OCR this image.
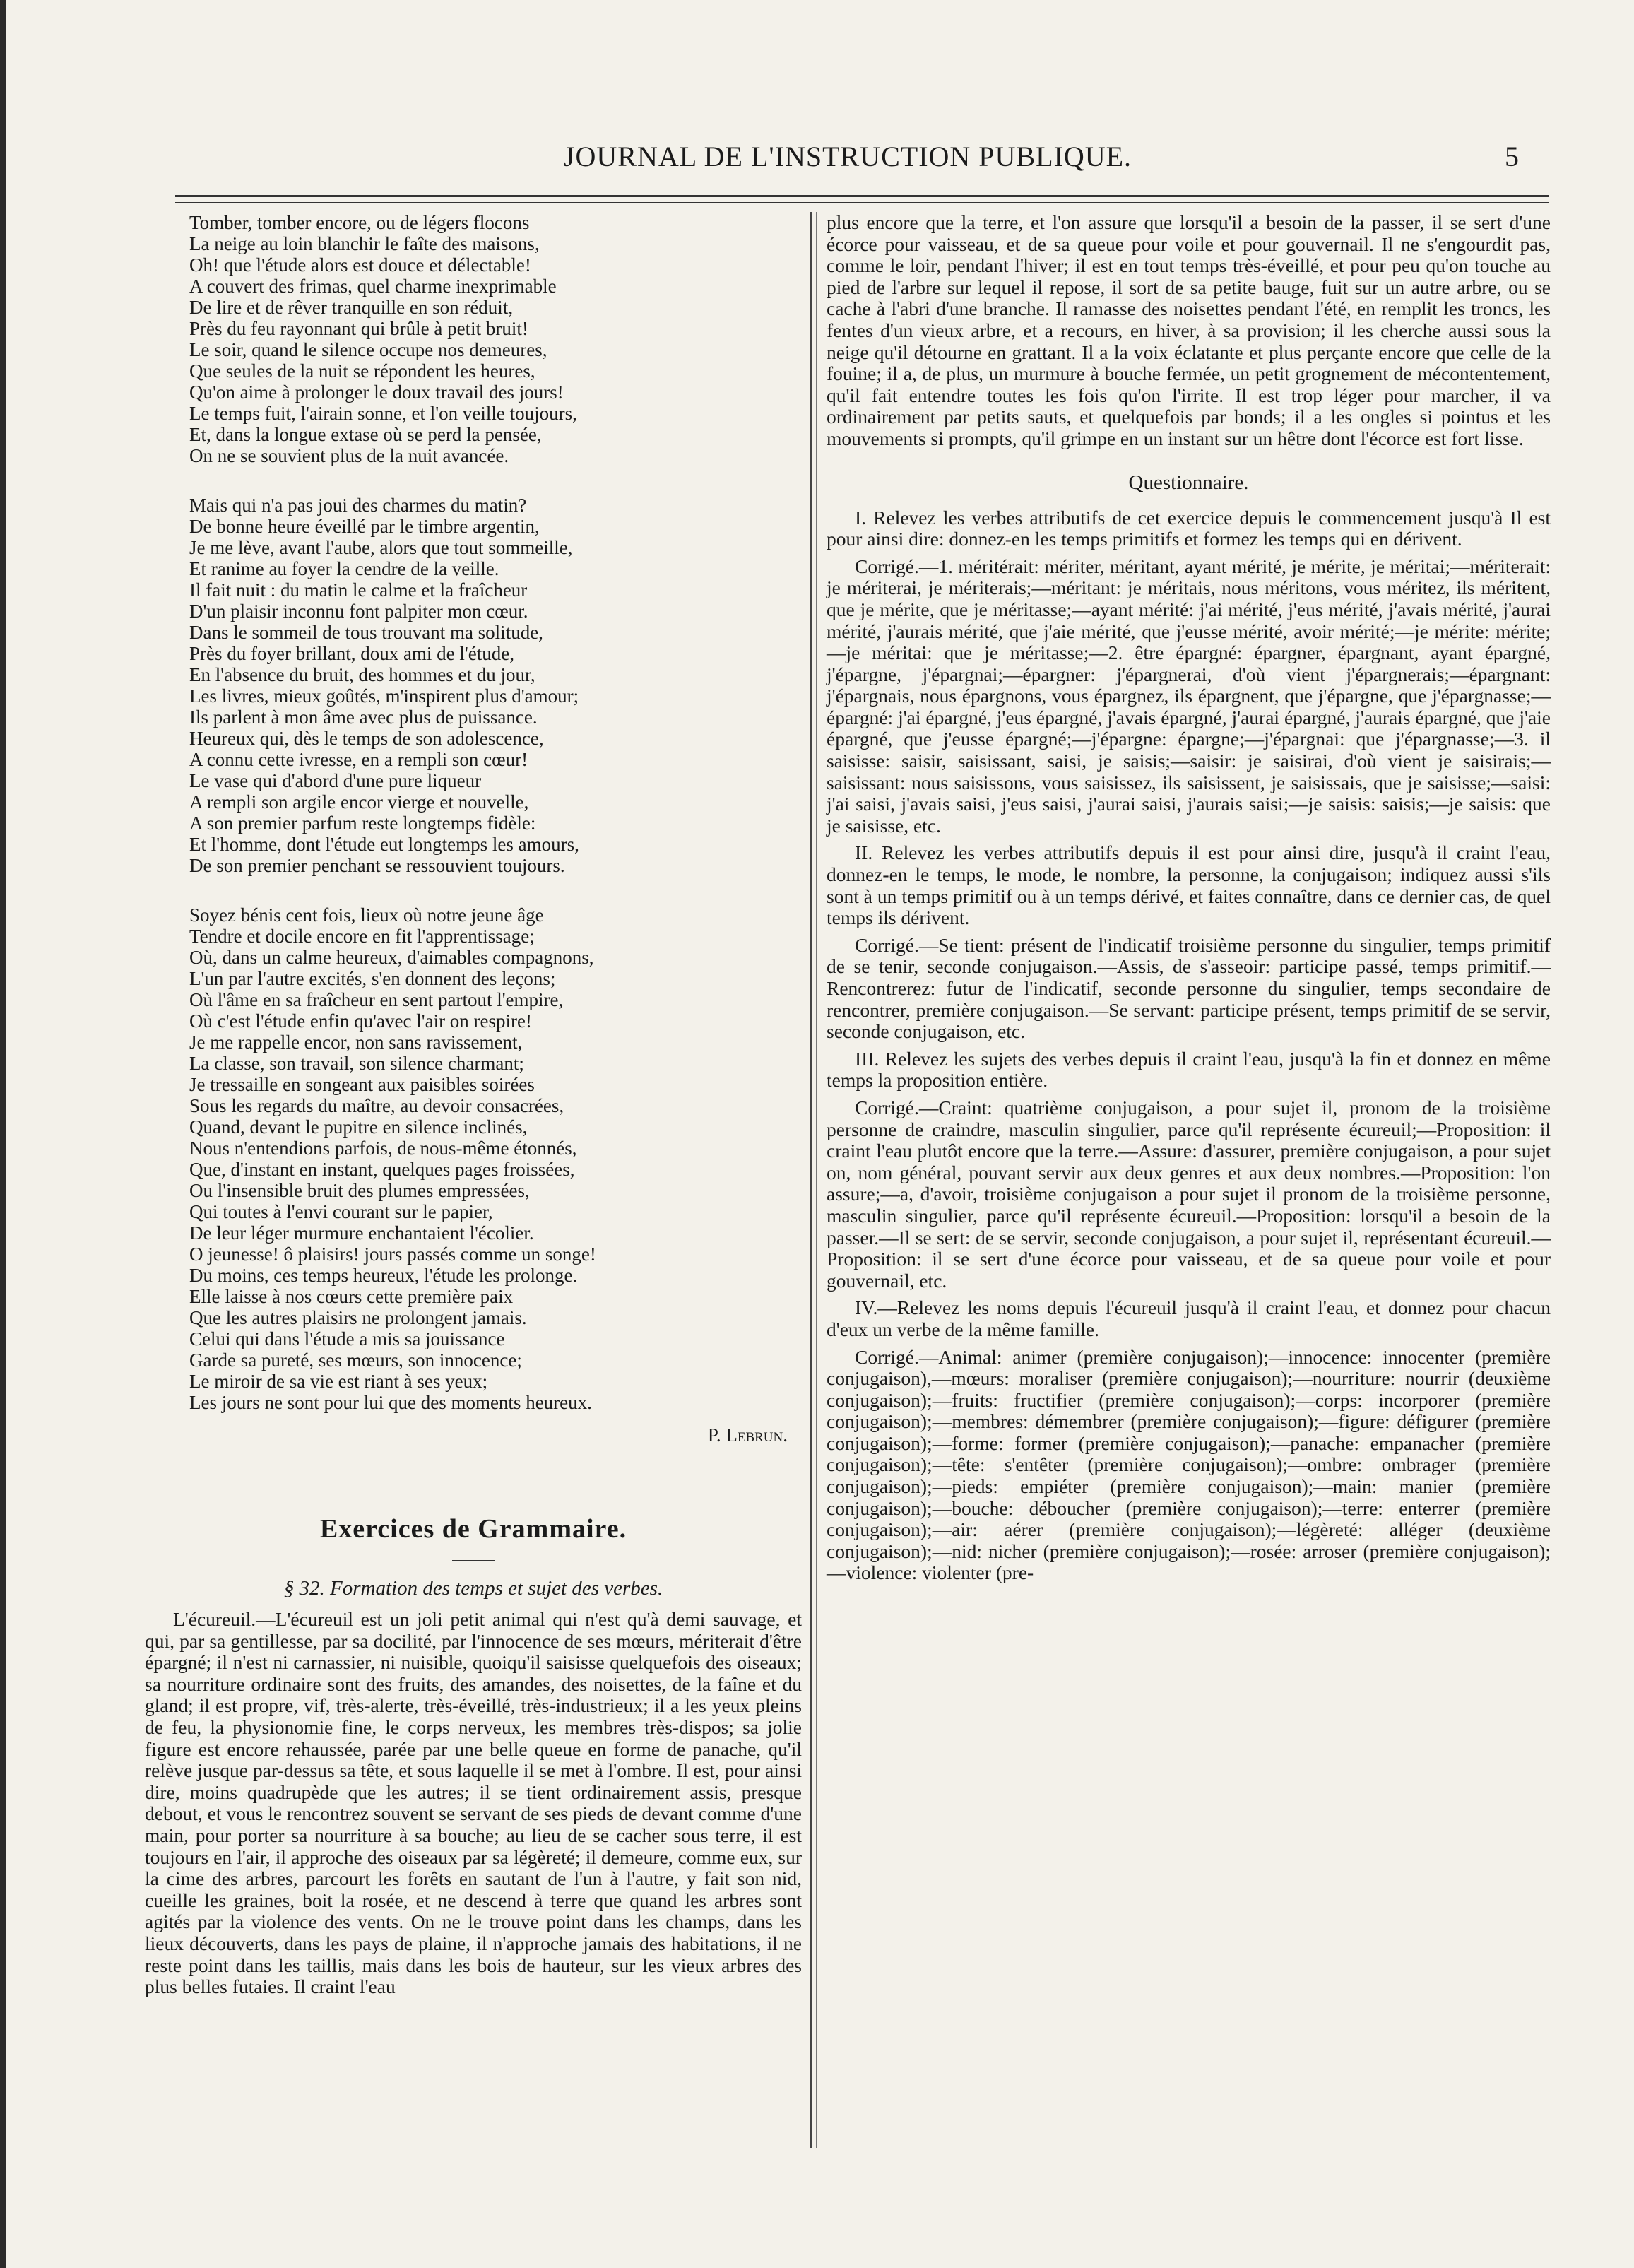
JOURNAL DE L'INSTRUCTION PUBLIQUE.	5
Tomber, tomber encore, ou de légers flocons
La neige au loin blanchir le faîte des maisons,
Oh! que l'étude alors est douce et délectable!
A couvert des frimas, quel charme inexprimable
De lire et de rêver tranquille en son réduit,
Près du feu rayonnant qui brûle à petit bruit!
Le soir, quand le silence occupe nos demeures,
Que seules de la nuit se répondent les heures,
Qu'on aime à prolonger le doux travail des jours!
Le temps fuit, l'airain sonne, et l'on veille toujours,
Et, dans la longue extase où se perd la pensée,
On ne se souvient plus de la nuit avancée.
Mais qui n'a pas joui des charmes du matin?
De bonne heure éveillé par le timbre argentin,
Je me lève, avant l'aube, alors que tout sommeille,
Et ranime au foyer la cendre de la veille.
Il fait nuit : du matin le calme et la fraîcheur
D'un plaisir inconnu font palpiter mon cœur.
Dans le sommeil de tous trouvant ma solitude,
Près du foyer brillant, doux ami de l'étude,
En l'absence du bruit, des hommes et du jour,
Les livres, mieux goûtés, m'inspirent plus d'amour;
Ils parlent à mon âme avec plus de puissance.
Heureux qui, dès le temps de son adolescence,
A connu cette ivresse, en a rempli son cœur!
Le vase qui d'abord d'une pure liqueur
A rempli son argile encor vierge et nouvelle,
A son premier parfum reste longtemps fidèle:
Et l'homme, dont l'étude eut longtemps les amours,
De son premier penchant se ressouvient toujours.
Soyez bénis cent fois, lieux où notre jeune âge
Tendre et docile encore en fit l'apprentissage;
Où, dans un calme heureux, d'aimables compagnons,
L'un par l'autre excités, s'en donnent des leçons;
Où l'âme en sa fraîcheur en sent partout l'empire,
Où c'est l'étude enfin qu'avec l'air on respire!
Je me rappelle encor, non sans ravissement,
La classe, son travail, son silence charmant;
Je tressaille en songeant aux paisibles soirées
Sous les regards du maître, au devoir consacrées,
Quand, devant le pupitre en silence inclinés,
Nous n'entendions parfois, de nous-même étonnés,
Que, d'instant en instant, quelques pages froissées,
Ou l'insensible bruit des plumes empressées,
Qui toutes à l'envi courant sur le papier,
De leur léger murmure enchantaient l'écolier.
O jeunesse! ô plaisirs! jours passés comme un songe!
Du moins, ces temps heureux, l'étude les prolonge.
Elle laisse à nos cœurs cette première paix
Que les autres plaisirs ne prolongent jamais.
Celui qui dans l'étude a mis sa jouissance
Garde sa pureté, ses mœurs, son innocence;
Le miroir de sa vie est riant à ses yeux;
Les jours ne sont pour lui que des moments heureux.
P. Lebrun.
Exercices de Grammaire.
§ 32. Formation des temps et sujet des verbes.

L'écureuil.—L'écureuil est un joli petit animal qui n'est qu'à demi sauvage, et qui, par sa gentillesse, par sa docilité, par l'innocence de ses mœurs, mériterait d'être épargné; il n'est ni carnassier, ni nuisible, quoiqu'il saisisse quelquefois des oiseaux; sa nourriture ordinaire sont des fruits, des amandes, des noisettes, de la faîne et du gland; il est propre, vif, très-alerte, très-éveillé, très-industrieux; il a les yeux pleins de feu, la physionomie fine, le corps nerveux, les membres très-dispos; sa jolie figure est encore rehaussée, parée par une belle queue en forme de panache, qu'il relève jusque par-dessus sa tête, et sous laquelle il se met à l'ombre. Il est, pour ainsi dire, moins quadrupède que les autres; il se tient ordinairement assis, presque debout, et vous le rencontrez souvent se servant de ses pieds de devant comme d'une main, pour porter sa nourriture à sa bouche; au lieu de se cacher sous terre, il est toujours en l'air, il approche des oiseaux par sa légèreté; il demeure, comme eux, sur la cime des arbres, parcourt les forêts en sautant de l'un à l'autre, y fait son nid, cueille les graines, boit la rosée, et ne descend à terre que quand les arbres sont agités par la violence des vents. On ne le trouve point dans les champs, dans les lieux découverts, dans les pays de plaine, il n'approche jamais des habitations, il ne reste point dans les taillis, mais dans les bois de hauteur, sur les vieux arbres des plus belles futaies. Il craint l'eau

plus encore que la terre, et l'on assure que lorsqu'il a besoin de la passer, il se sert d'une écorce pour vaisseau, et de sa queue pour voile et pour gouvernail. Il ne s'engourdit pas, comme le loir, pendant l'hiver; il est en tout temps très-éveillé, et pour peu qu'on touche au pied de l'arbre sur lequel il repose, il sort de sa petite bauge, fuit sur un autre arbre, ou se cache à l'abri d'une branche. Il ramasse des noisettes pendant l'été, en remplit les troncs, les fentes d'un vieux arbre, et a recours, en hiver, à sa provision; il les cherche aussi sous la neige qu'il détourne en grattant. Il a la voix éclatante et plus perçante encore que celle de la fouine; il a, de plus, un murmure à bouche fermée, un petit grognement de mécontentement, qu'il fait entendre toutes les fois qu'on l'irrite. Il est trop léger pour marcher, il va ordinairement par petits sauts, et quelquefois par bonds; il a les ongles si pointus et les mouvements si prompts, qu'il grimpe en un instant sur un hêtre dont l'écorce est fort lisse.

Questionnaire.

I. Relevez les verbes attributifs de cet exercice depuis le commencement jusqu'à Il est pour ainsi dire: donnez-en les temps primitifs et formez les temps qui en dérivent.

Corrigé.—1. méritérait: mériter, méritant, ayant mérité, je mérite, je méritai;—mériterait: je mériterai, je mériterais;—méritant: je méritais, nous méritons, vous méritez, ils méritent, que je mérite, que je méritasse;—ayant mérité: j'ai mérité, j'eus mérité, j'avais mérité, j'aurai mérité, j'aurais mérité, que j'aie mérité, que j'eusse mérité, avoir mérité;—je mérite: mérite;—je méritai: que je méritasse;—2. être épargné: épargner, épargnant, ayant épargné, j'épargne, j'épargnai;—épargner: j'épargnerai, d'où vient j'épargnerais;—épargnant: j'épargnais, nous épargnons, vous épargnez, ils épargnent, que j'épargne, que j'épargnasse;—épargné: j'ai épargné, j'eus épargné, j'avais épargné, j'aurai épargné, j'aurais épargné, que j'aie épargné, que j'eusse épargné;—j'épargne: épargne;—j'épargnai: que j'épargnasse;—3. il saisisse: saisir, saisissant, saisi, je saisis;—saisir: je saisirai, d'où vient je saisirais;—saisissant: nous saisissons, vous saisissez, ils saisissent, je saisissais, que je saisisse;—saisi: j'ai saisi, j'avais saisi, j'eus saisi, j'aurai saisi, j'aurais saisi;—je saisis: saisis;—je saisis: que je saisisse, etc.

II. Relevez les verbes attributifs depuis il est pour ainsi dire, jusqu'à il craint l'eau, donnez-en le temps, le mode, le nombre, la personne, la conjugaison; indiquez aussi s'ils sont à un temps primitif ou à un temps dérivé, et faites connaître, dans ce dernier cas, de quel temps ils dérivent.

Corrigé.—Se tient: présent de l'indicatif troisième personne du singulier, temps primitif de se tenir, seconde conjugaison.—Assis, de s'asseoir: participe passé, temps primitif.—Rencontrerez: futur de l'indicatif, seconde personne du singulier, temps secondaire de rencontrer, première conjugaison.—Se servant: participe présent, temps primitif de se servir, seconde conjugaison, etc.

III. Relevez les sujets des verbes depuis il craint l'eau, jusqu'à la fin et donnez en même temps la proposition entière.

Corrigé.—Craint: quatrième conjugaison, a pour sujet il, pronom de la troisième personne de craindre, masculin singulier, parce qu'il représente écureuil;—Proposition: il craint l'eau plutôt encore que la terre.—Assure: d'assurer, première conjugaison, a pour sujet on, nom général, pouvant servir aux deux genres et aux deux nombres.—Proposition: l'on assure;—a, d'avoir, troisième conjugaison a pour sujet il pronom de la troisième personne, masculin singulier, parce qu'il représente écureuil.—Proposition: lorsqu'il a besoin de la passer.—Il se sert: de se servir, seconde conjugaison, a pour sujet il, représentant écureuil.—Proposition: il se sert d'une écorce pour vaisseau, et de sa queue pour voile et pour gouvernail, etc.

IV.—Relevez les noms depuis l'écureuil jusqu'à il craint l'eau, et donnez pour chacun d'eux un verbe de la même famille.

Corrigé.—Animal: animer (première conjugaison);—innocence: innocenter (première conjugaison),—mœurs: moraliser (première conjugaison);—nourriture: nourrir (deuxième conjugaison);—fruits: fructifier (première conjugaison);—corps: incorporer (première conjugaison);—membres: démembrer (première conjugaison);—figure: défigurer (première conjugaison);—forme: former (première conjugaison);—panache: empanacher (première conjugaison);—tête: s'entêter (première conjugaison);—ombre: ombrager (première conjugaison);—pieds: empiéter (première conjugaison);—main: manier (première conjugaison);—bouche: déboucher (première conjugaison);—terre: enterrer (première conjugaison);—air: aérer (première conjugaison);—légèreté: alléger (deuxième conjugaison);—nid: nicher (première conjugaison);—rosée: arroser (première conjugaison);—violence: violenter (pre-
